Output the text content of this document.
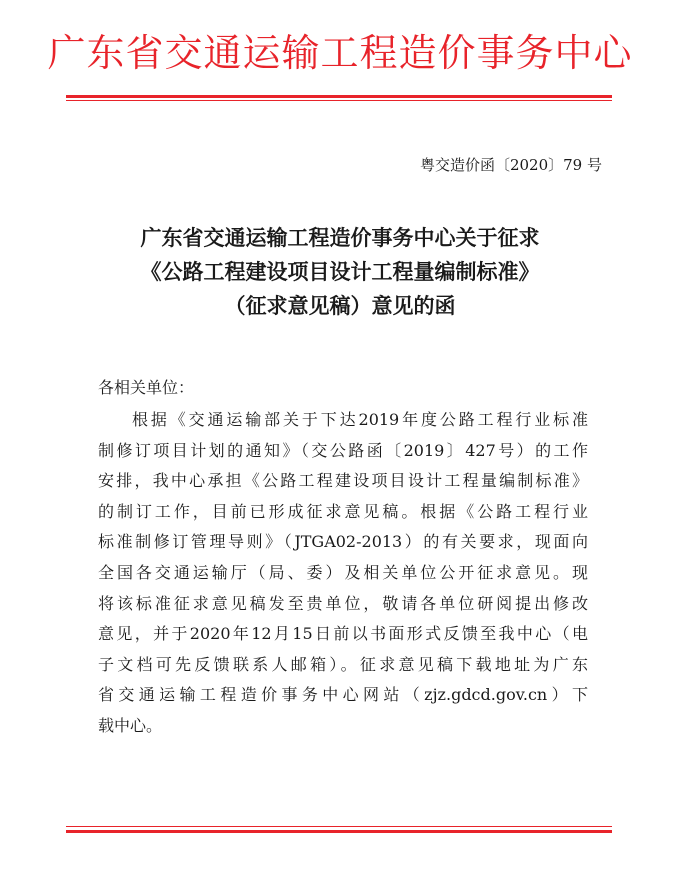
广东省交通运输工程造价事务中心
粤交造价函〔2020〕79 号
广东省交通运输工程造价事务中心关于征求
《公路工程建设项目设计工程量编制标准》
（征求意见稿）意见的函
各相关单位：
根据《交通运输部关于下达2019年度公路工程行业标准
制修订项目计划的通知》（交公路函〔2019〕427号）的工作
安排，我中心承担《公路工程建设项目设计工程量编制标准》
的制订工作，目前已形成征求意见稿。根据《公路工程行业
标准制修订管理导则》（JTGA02-2013）的有关要求，现面向
全国各交通运输厅（局、委）及相关单位公开征求意见。现
将该标准征求意见稿发至贵单位，敬请各单位研阅提出修改
意见，并于2020年12月15日前以书面形式反馈至我中心（电
子文档可先反馈联系人邮箱）。征求意见稿下载地址为广东
省交通运输工程造价事务中心网站（zjz.gdcd.gov.cn）下
载中心。
